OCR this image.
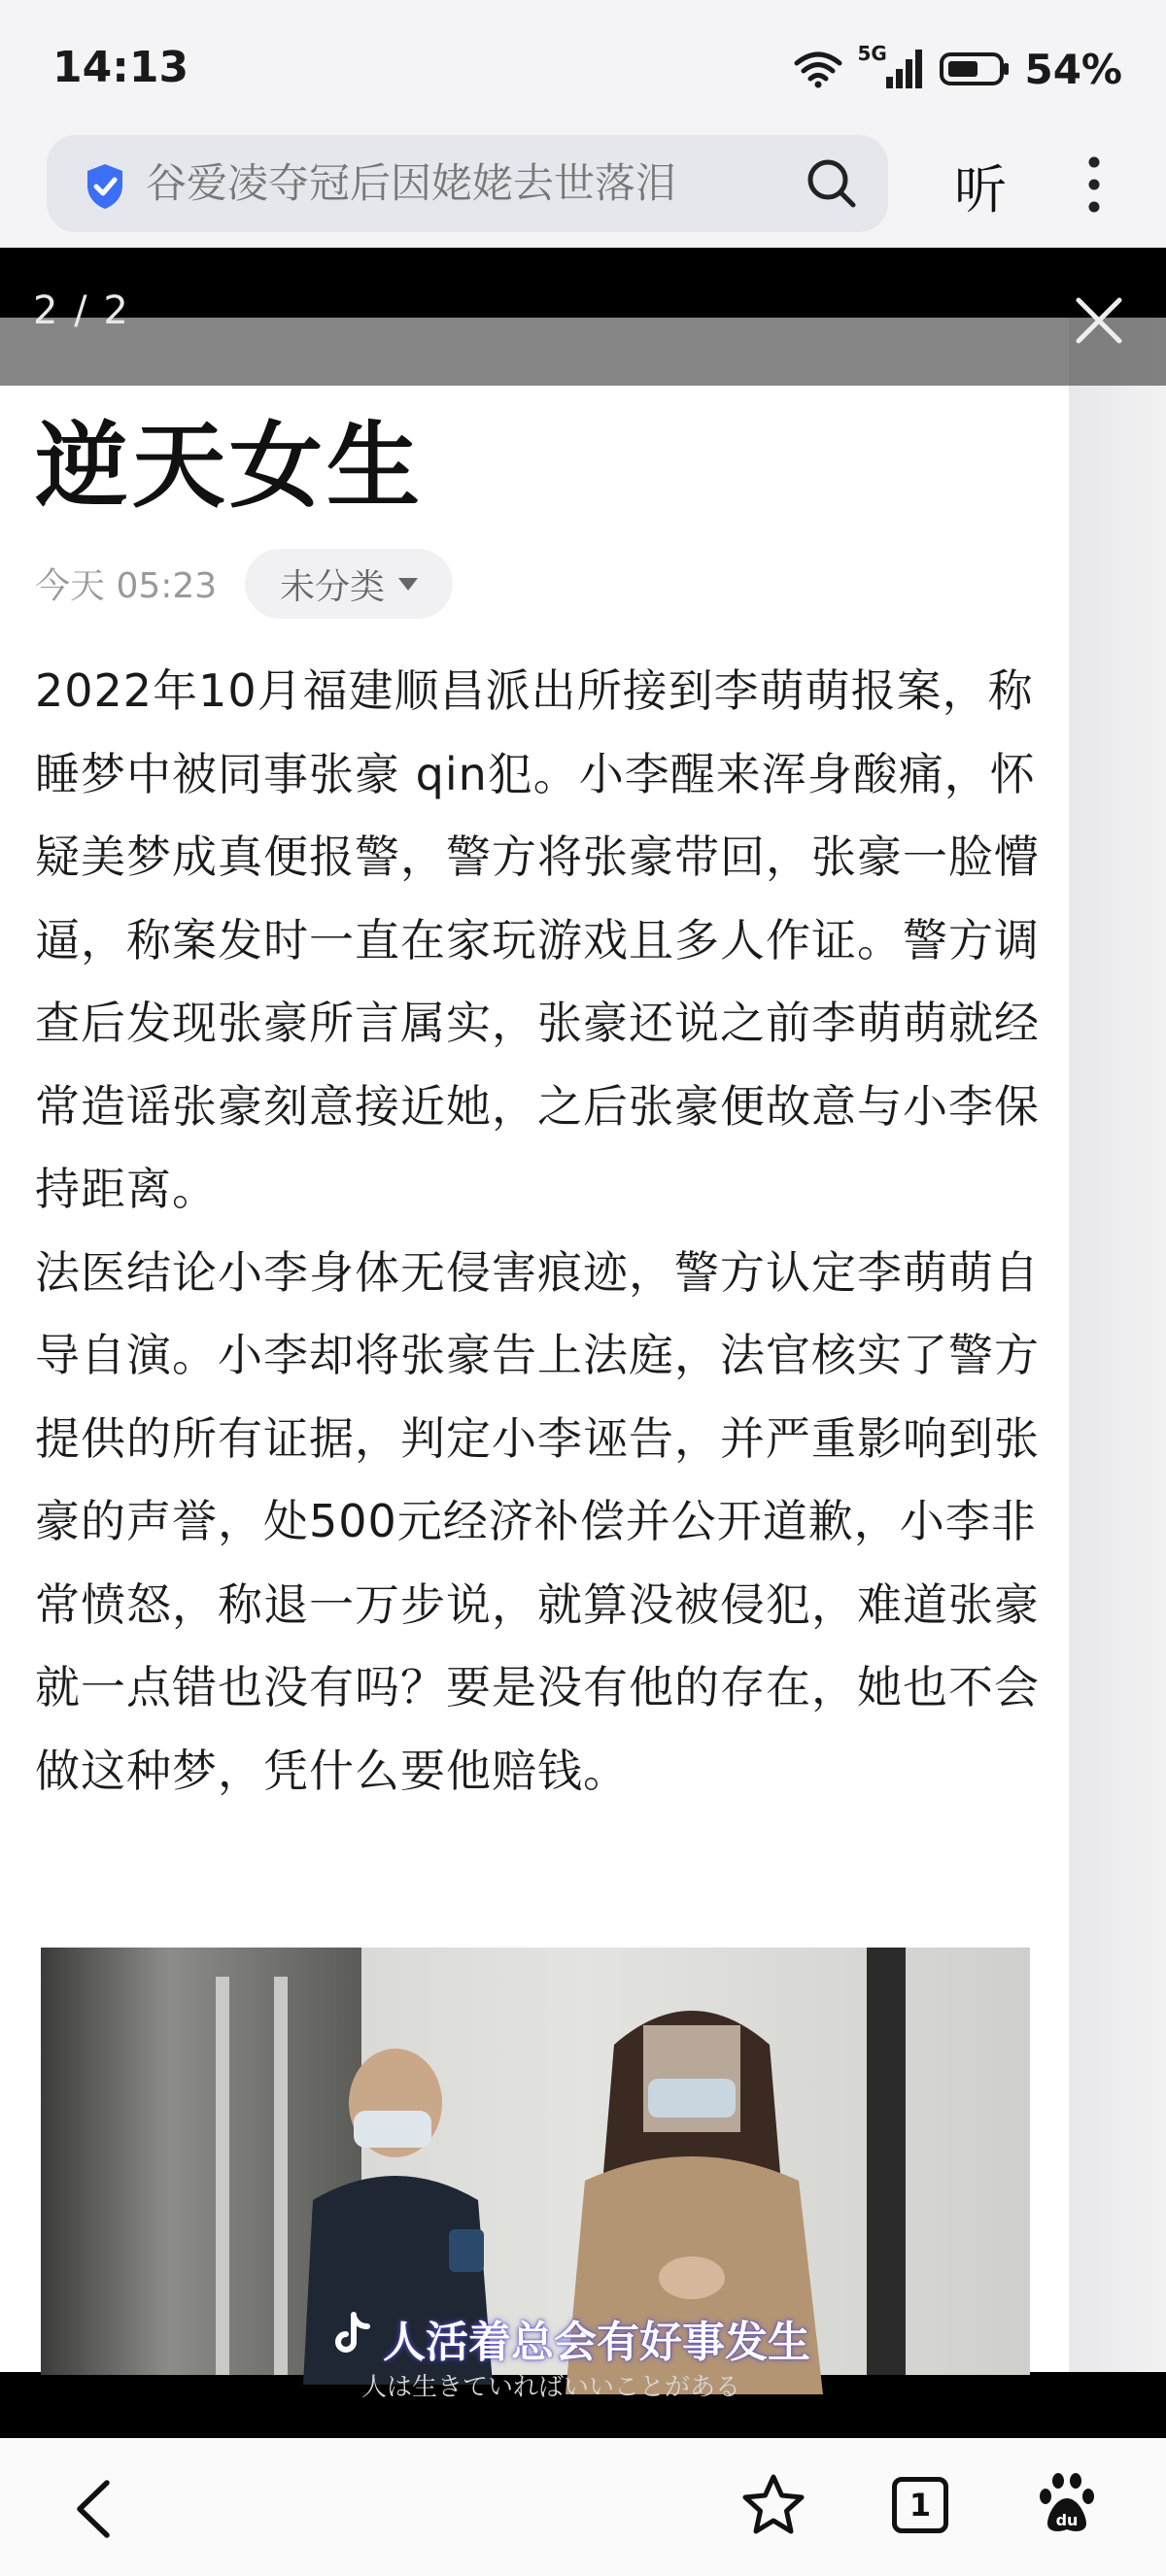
14:13	5G	54%
谷爱凌夺冠后因姥姥去世落泪	听
逆天女生
今天 05:23 未分类

2022年10月福建顺昌派出所接到李萌萌报案，称睡梦中被同事张豪 qin犯。小李醒来浑身酸痛，怀疑美梦成真便报警，警方将张豪带回，张豪一脸懵逼，称案发时一直在家玩游戏且多人作证。警方调查后发现张豪所言属实，张豪还说之前李萌萌就经常造谣张豪刻意接近她，之后张豪便故意与小李保持距离。

法医结论小李身体无侵害痕迹，警方认定李萌萌自导自演。小李却将张豪告上法庭，法官核实了警方提供的所有证据，判定小李诬告，并严重影响到张豪的声誉，处500元经济补偿并公开道歉，小李非常愤怒，称退一万步说，就算没被侵犯，难道张豪就一点错也没有吗？要是没有他的存在，她也不会做这种梦，凭什么要他赔钱。

人活着总会有好事发生
人は生きていればいいことがある
2 / 2
1	du
